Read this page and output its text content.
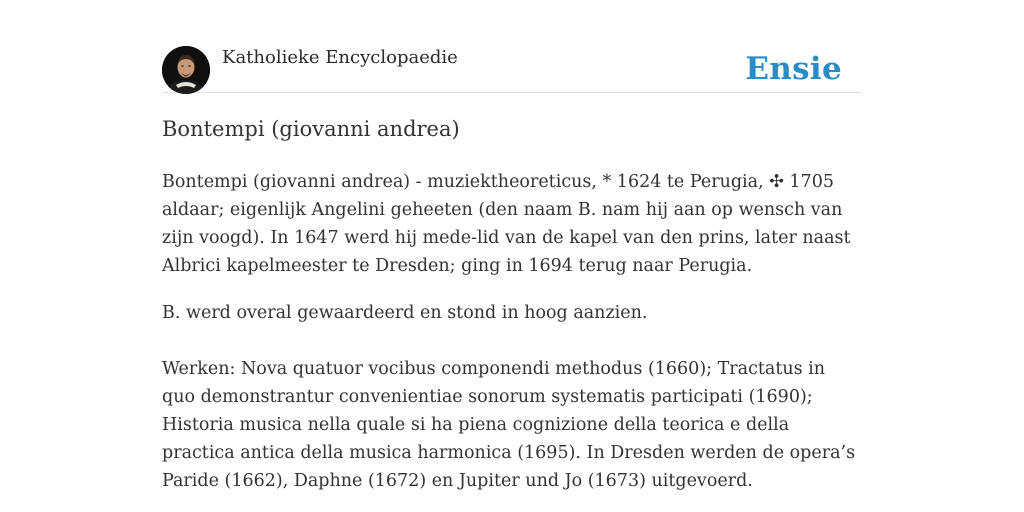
Katholieke Encyclopaedie	Ensie
Bontempi (giovanni andrea)

Bontempi (giovanni andrea) - muziektheoreticus, * 1624 te Perugia, ✣ 1705 aldaar; eigenlijk Angelini geheeten (den naam B. nam hij aan op wensch van zijn voogd). In 1647 werd hij mede-lid van de kapel van den prins, later naast Albrici kapelmeester te Dresden; ging in 1694 terug naar Perugia.

B. werd overal gewaardeerd en stond in hoog aanzien.

Werken: Nova quatuor vocibus componendi methodus (1660); Tractatus in quo demonstrantur convenientiae sonorum systematis participati (1690); Historia musica nella quale si ha piena cognizione della teorica e della practica antica della musica harmonica (1695). In Dresden werden de opera’s Paride (1662), Daphne (1672) en Jupiter und Jo (1673) uitgevoerd.
